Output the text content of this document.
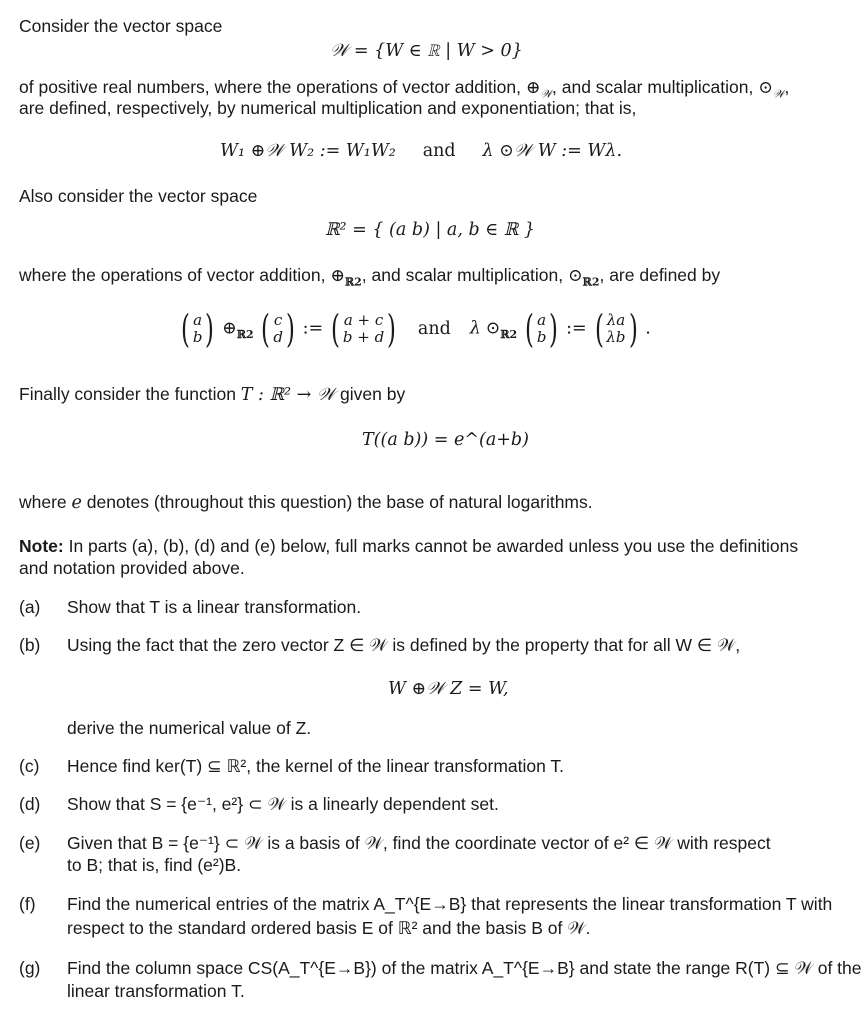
Consider the vector space
𝒲 = {W ∈ ℝ | W > 0}
of positive real numbers, where the operations of vector addition, $\oplus_𝒲$, and scalar multiplication, $⊙_𝒲$,
are defined, respectively, by numerical multiplication and exponentiation; that is,
W₁ ⊕𝒲 W₂ := W₁W₂ and λ ⊙𝒲 W := Wλ.
Also consider the vector space
ℝ² = { (a b) | a, b ∈ ℝ }
where the operations of vector addition, $\oplus_{ℝ2}$, and scalar multiplication, $⊙_{ℝ2}$, are defined by
( a
b ) $\oplus_{ℝ2}$ ( c
d ) := ( a + c
b + d ) and λ $⊙_{ℝ2}$ ( a
b ) := ( λa
λb ) .
Finally consider the function T : ℝ² → 𝒲 given by
T((a b)) = e^(a+b)
where e denotes (throughout this question) the base of natural logarithms.
Note: In parts (a), (b), (d) and (e) below, full marks cannot be awarded unless you use the definitions
and notation provided above.
(a) Show that T is a linear transformation.
(b) Using the fact that the zero vector Z ∈ 𝒲 is defined by the property that for all W ∈ 𝒲,
W ⊕𝒲 Z = W,
derive the numerical value of Z.
(c) Hence find ker(T) ⊆ ℝ², the kernel of the linear transformation T.
(d) Show that S = {e⁻¹, e²} ⊂ 𝒲 is a linearly dependent set.
(e) Given that B = {e⁻¹} ⊂ 𝒲 is a basis of 𝒲, find the coordinate vector of e² ∈ 𝒲 with respect
to B; that is, find (e²)B.
(f) Find the numerical entries of the matrix A_T^{E→B} that represents the linear transformation T with
respect to the standard ordered basis E of ℝ² and the basis B of 𝒲.
(g) Find the column space CS(A_T^{E→B}) of the matrix A_T^{E→B} and state the range R(T) ⊆ 𝒲 of the
linear transformation T.
